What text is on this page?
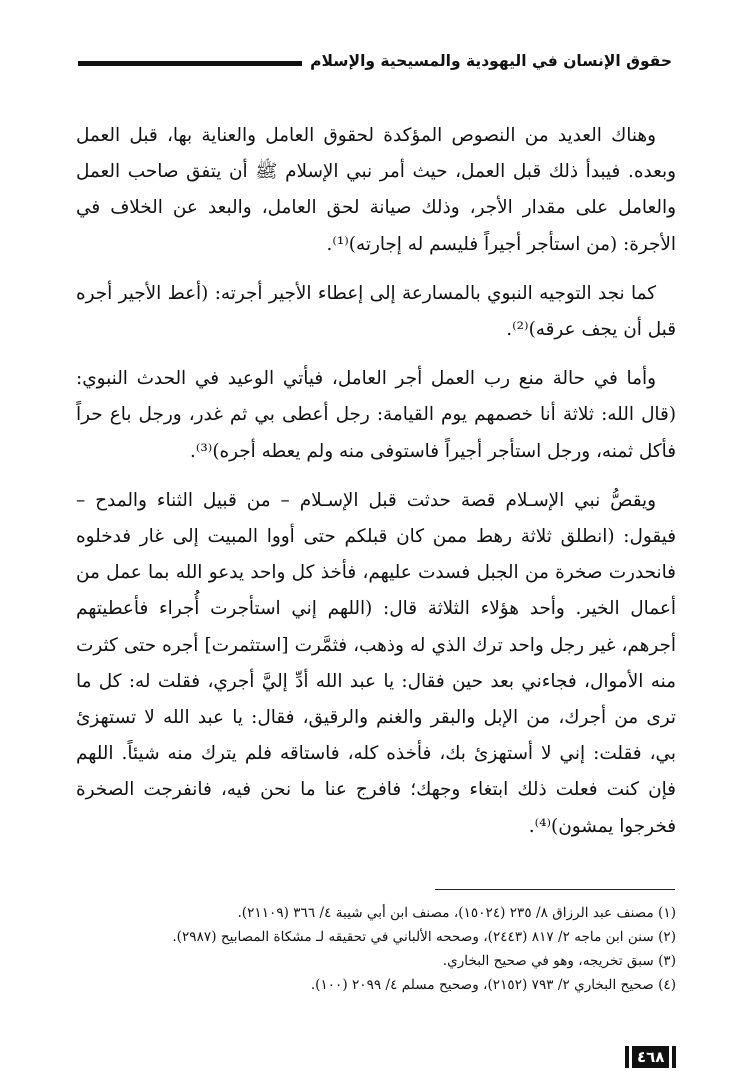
حقوق الإنسان في اليهودية والمسيحية والإسلام

وهناك العديد من النصوص المؤكدة لحقوق العامل والعناية بها، قبل العمل وبعده. فيبدأ ذلك قبل العمل، حيث أمر نبي الإسلام ﷺ أن يتفق صاحب العمل والعامل على مقدار الأجر، وذلك صيانة لحق العامل، والبعد عن الخلاف في الأجرة: (من استأجر أجيراً فليسم له إجارته)⁽¹⁾.

كما نجد التوجيه النبوي بالمسارعة إلى إعطاء الأجير أجرته: (أعط الأجير أجره قبل أن يجف عرقه)⁽²⁾.

وأما في حالة منع رب العمل أجر العامل، فيأتي الوعيد في الحدث النبوي: (قال الله: ثلاثة أنا خصمهم يوم القيامة: رجل أعطى بي ثم غدر، ورجل باع حراً فأكل ثمنه، ورجل استأجر أجيراً فاستوفى منه ولم يعطه أجره)⁽³⁾.

ويقصُّ نبي الإسـلام قصة حدثت قبل الإسـلام – من قبيل الثناء والمدح – فيقول: (انطلق ثلاثة رهط ممن كان قبلكم حتى أووا المبيت إلى غار فدخلوه فانحدرت صخرة من الجبل فسدت عليهم، فأخذ كل واحد يدعو الله بما عمل من أعمال الخير. وأحد هؤلاء الثلاثة قال: (اللهم إني استأجرت أُجراء فأعطيتهم أجرهم، غير رجل واحد ترك الذي له وذهب، فثمَّرت [استثمرت] أجره حتى كثرت منه الأموال، فجاءني بعد حين فقال: يا عبد الله أدِّ إليَّ أجري، فقلت له: كل ما ترى من أجرك، من الإبل والبقر والغنم والرقيق، فقال: يا عبد الله لا تستهزئ بي، فقلت: إني لا أستهزئ بك، فأخذه كله، فاستاقه فلم يترك منه شيئاً. اللهم فإن كنت فعلت ذلك ابتغاء وجهك؛ فافرج عنا ما نحن فيه، فانفرجت الصخرة فخرجوا يمشون)⁽⁴⁾.

(١) مصنف عبد الرزاق ٨/ ٢٣٥ (١٥٠٢٤)، مصنف ابن أبي شيبة ٤/ ٣٦٦ (٢١١٠٩).

(٢) سنن ابن ماجه ٢/ ٨١٧ (٢٤٤٣)، وصححه الألباني في تحقيقه لـ مشكاة المصابيح (٢٩٨٧).

(٣) سبق تخريجه، وهو في صحيح البخاري.

(٤) صحيح البخاري ٢/ ٧٩٣ (٢١٥٢)، وصحيح مسلم ٤/ ٢٠٩٩ (١٠٠).

٤٦٨
